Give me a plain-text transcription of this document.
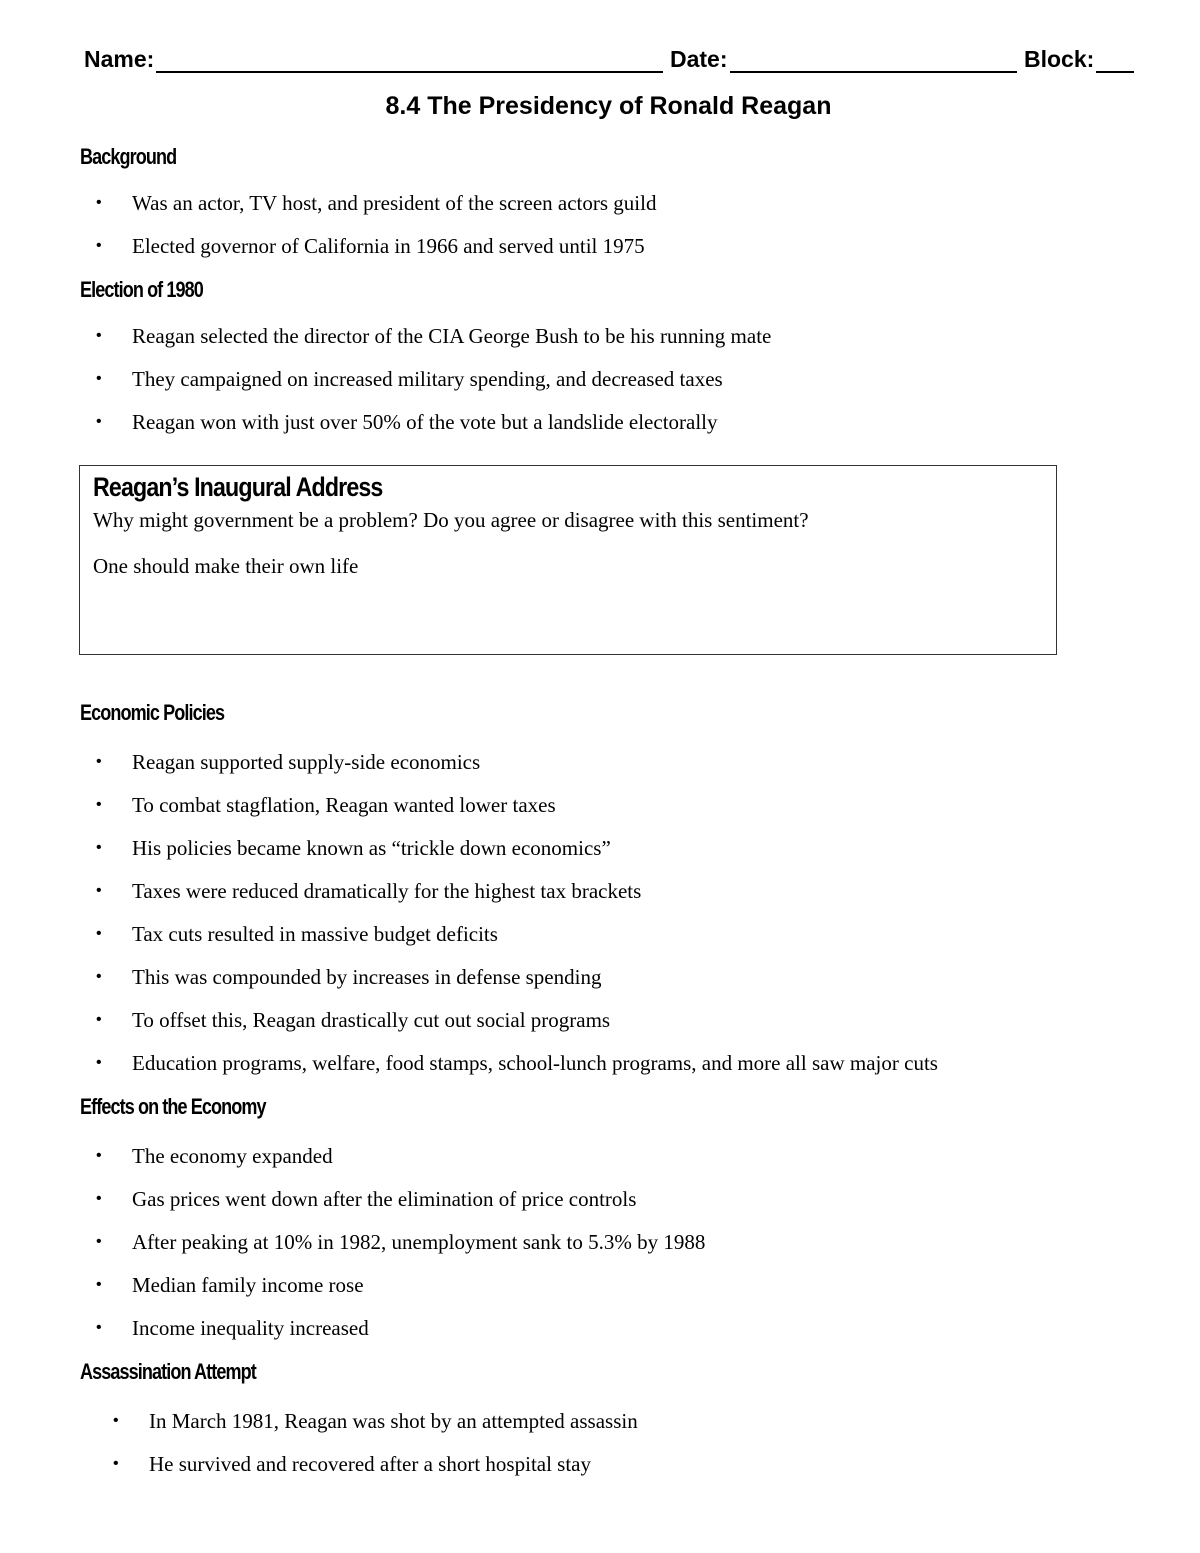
Name:	Date:	Block:
8.4 The Presidency of Ronald Reagan
Background
• Was an actor, TV host, and president of the screen actors guild
• Elected governor of California in 1966 and served until 1975
Election of 1980
• Reagan selected the director of the CIA George Bush to be his running mate
• They campaigned on increased military spending, and decreased taxes
• Reagan won with just over 50% of the vote but a landslide electorally
Reagan’s Inaugural Address
Why might government be a problem? Do you agree or disagree with this sentiment?
One should make their own life
Economic Policies
• Reagan supported supply-side economics
• To combat stagflation, Reagan wanted lower taxes
• His policies became known as “trickle down economics”
• Taxes were reduced dramatically for the highest tax brackets
• Tax cuts resulted in massive budget deficits
• This was compounded by increases in defense spending
• To offset this, Reagan drastically cut out social programs
• Education programs, welfare, food stamps, school-lunch programs, and more all saw major cuts
Effects on the Economy
• The economy expanded
• Gas prices went down after the elimination of price controls
• After peaking at 10% in 1982, unemployment sank to 5.3% by 1988
• Median family income rose
• Income inequality increased
Assassination Attempt
• In March 1981, Reagan was shot by an attempted assassin
• He survived and recovered after a short hospital stay
